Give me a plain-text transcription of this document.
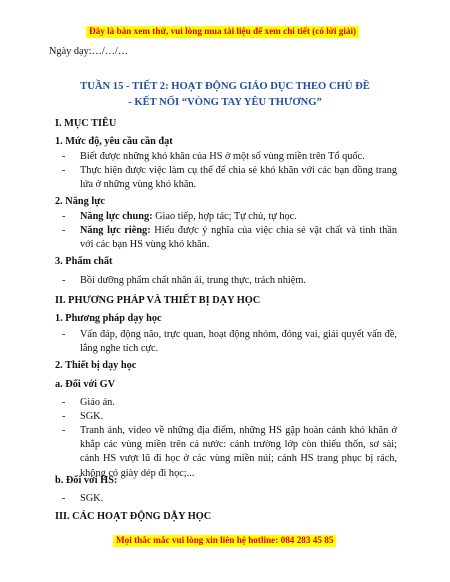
Đây là bản xem thử, vui lòng mua tài liệu để xem chi tiết (có lời giải)
Ngày dạy:…/…/…
TUẦN 15 - TIẾT 2: HOẠT ĐỘNG GIÁO DỤC THEO CHỦ ĐỀ
- KẾT NỐI “VÒNG TAY YÊU THƯƠNG”
I. MỤC TIÊU
1. Mức độ, yêu cầu cần đạt
- Biết được những khó khăn của HS ở một số vùng miền trên Tổ quốc.
- Thực hiện được việc làm cụ thể để chia sẻ khó khăn với các bạn đồng trang lứa ở những vùng khó khăn.
2. Năng lực
- Năng lực chung: Giao tiếp, hợp tác; Tự chủ, tự học.
- Năng lực riêng: Hiểu được ý nghĩa của việc chia sẻ vật chất và tinh thần với các bạn HS vùng khó khăn.
3. Phẩm chất
- Bồi dưỡng phẩm chất nhân ái, trung thực, trách nhiệm.
II. PHƯƠNG PHÁP VÀ THIẾT BỊ DẠY HỌC
1. Phương pháp dạy học
- Vấn đáp, động não, trực quan, hoạt động nhóm, đóng vai, giải quyết vấn đề, lắng nghe tích cực.
2. Thiết bị dạy học
a. Đối với GV
- Giáo án.
- SGK.
- Tranh ảnh, video về những địa điểm, những HS gặp hoàn cảnh khó khăn ở khắp các vùng miền trên cả nước: cảnh trường lớp còn thiếu thốn, sơ sài; cảnh HS vượt lũ đi học ở các vùng miền núi; cảnh HS trang phục bị rách, không có giày dép đi học;...
b. Đối với HS:
- SGK.
III. CÁC HOẠT ĐỘNG DẬY HỌC
Mọi thắc mắc vui lòng xin liên hệ hotline: 084 283 45 85
